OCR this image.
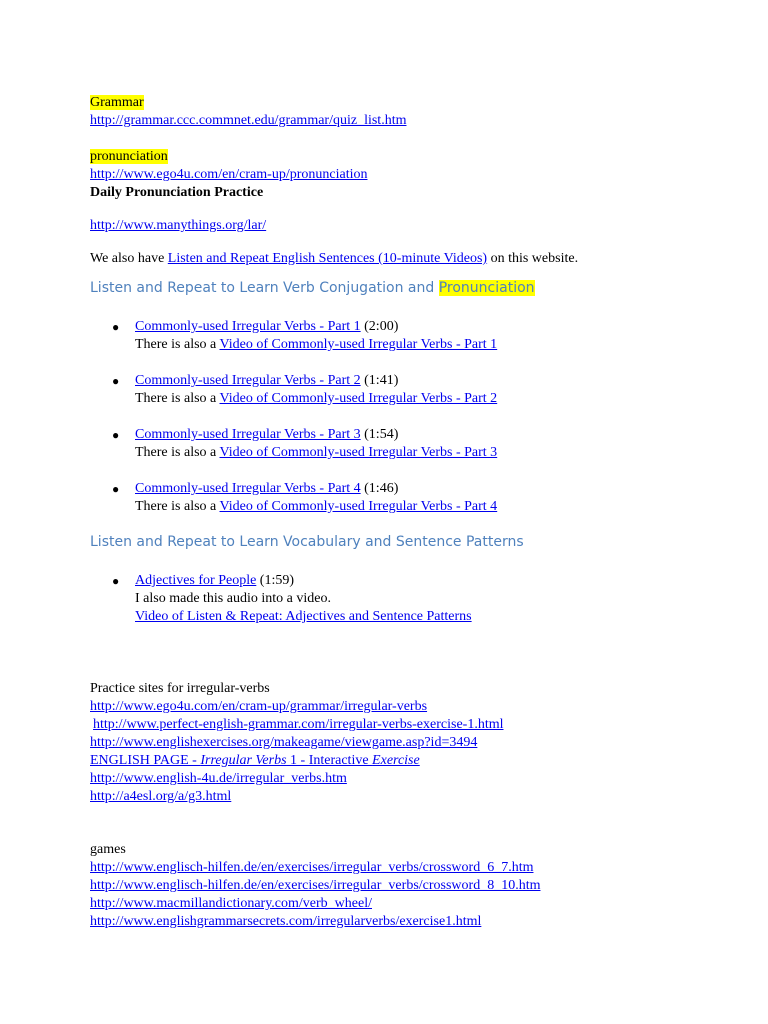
Grammar
http://grammar.ccc.commnet.edu/grammar/quiz_list.htm
pronunciation
http://www.ego4u.com/en/cram-up/pronunciation
Daily Pronunciation Practice
http://www.manythings.org/lar/
We also have Listen and Repeat English Sentences (10-minute Videos) on this website.
Listen and Repeat to Learn Verb Conjugation and Pronunciation
● Commonly-used Irregular Verbs - Part 1 (2:00)
There is also a Video of Commonly-used Irregular Verbs - Part 1
● Commonly-used Irregular Verbs - Part 2 (1:41)
There is also a Video of Commonly-used Irregular Verbs - Part 2
● Commonly-used Irregular Verbs - Part 3 (1:54)
There is also a Video of Commonly-used Irregular Verbs - Part 3
● Commonly-used Irregular Verbs - Part 4 (1:46)
There is also a Video of Commonly-used Irregular Verbs - Part 4
Listen and Repeat to Learn Vocabulary and Sentence Patterns
● Adjectives for People (1:59)
I also made this audio into a video.
Video of Listen & Repeat: Adjectives and Sentence Patterns
Practice sites for irregular-verbs
http://www.ego4u.com/en/cram-up/grammar/irregular-verbs
http://www.perfect-english-grammar.com/irregular-verbs-exercise-1.html
http://www.englishexercises.org/makeagame/viewgame.asp?id=3494
ENGLISH PAGE - Irregular Verbs 1 - Interactive Exercise
http://www.english-4u.de/irregular_verbs.htm
http://a4esl.org/a/g3.html
games
http://www.englisch-hilfen.de/en/exercises/irregular_verbs/crossword_6_7.htm
http://www.englisch-hilfen.de/en/exercises/irregular_verbs/crossword_8_10.htm
http://www.macmillandictionary.com/verb_wheel/
http://www.englishgrammarsecrets.com/irregularverbs/exercise1.html
